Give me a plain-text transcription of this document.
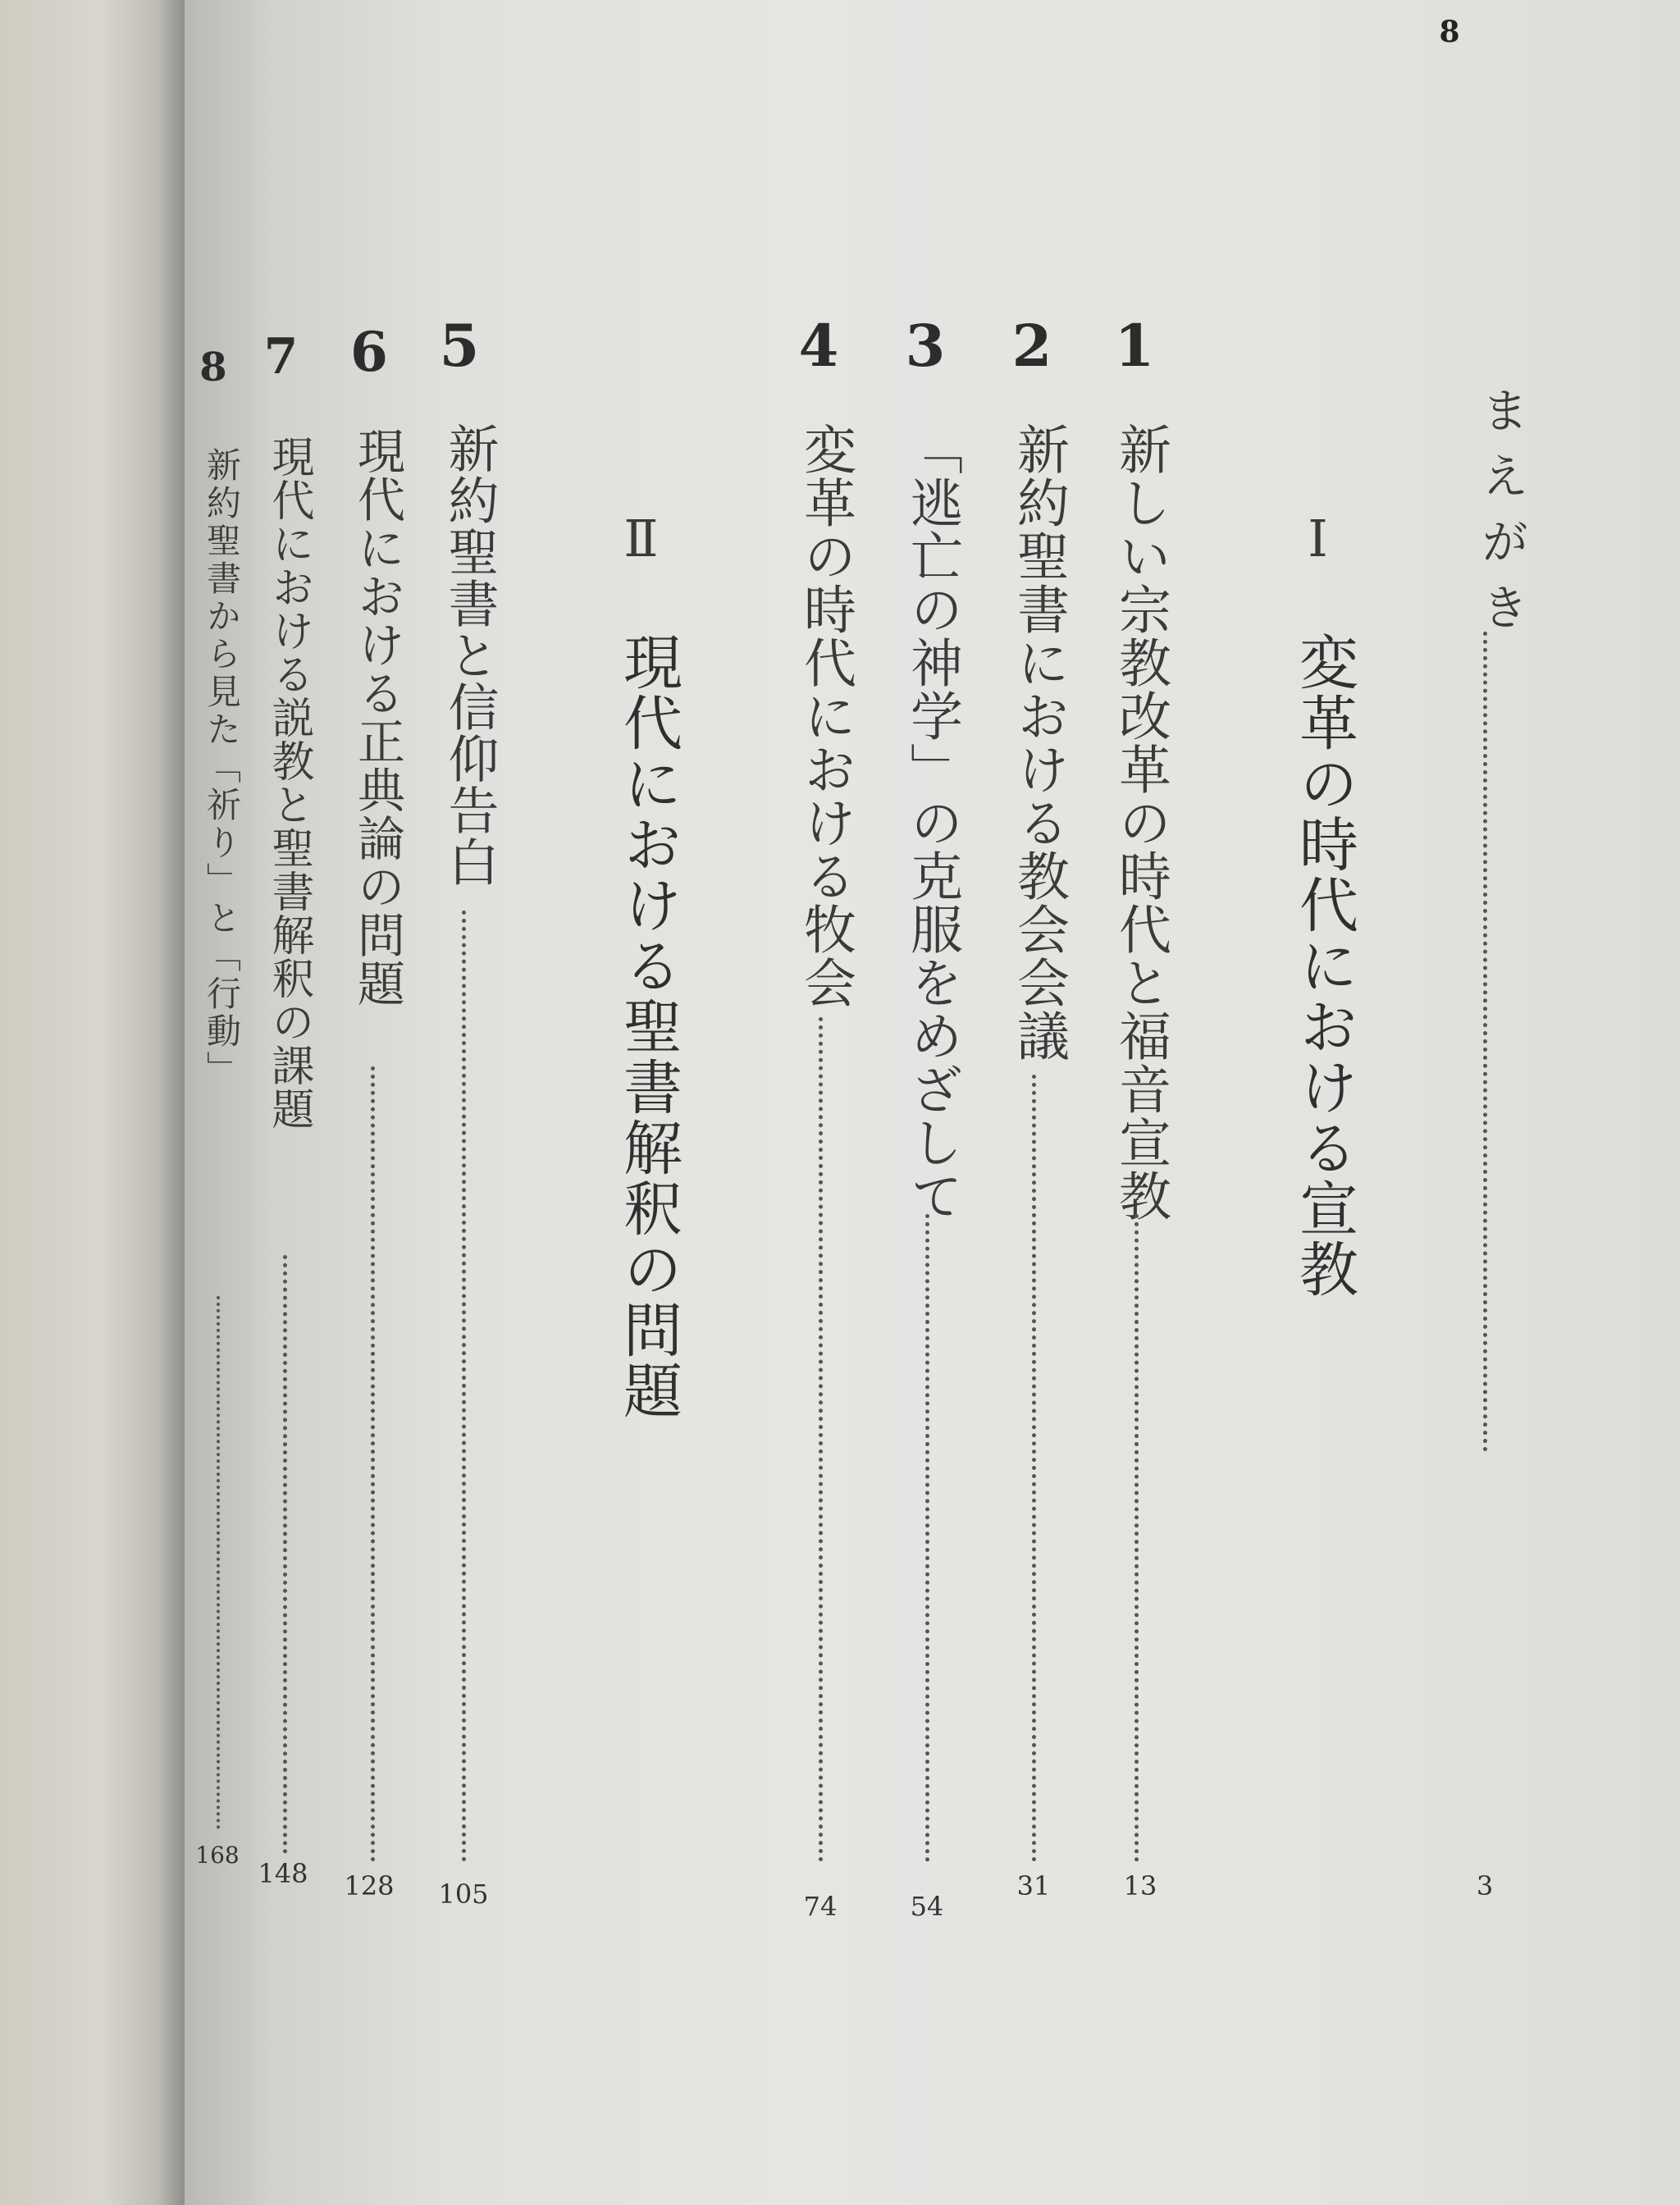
8
まえがき
3
Ⅰ
変革の時代における宣教
1
新しい宗教改革の時代と福音宣教
13
2
新約聖書における教会会議
31
3
「逃亡の神学」の克服をめざして
54
4
変革の時代における牧会
74
Ⅱ
現代における聖書解釈の問題
5
新約聖書と信仰告白
105
6
現代における正典論の問題
128
7
現代における説教と聖書解釈の課題
148
8
新約聖書から見た「祈り」と「行動」
168
